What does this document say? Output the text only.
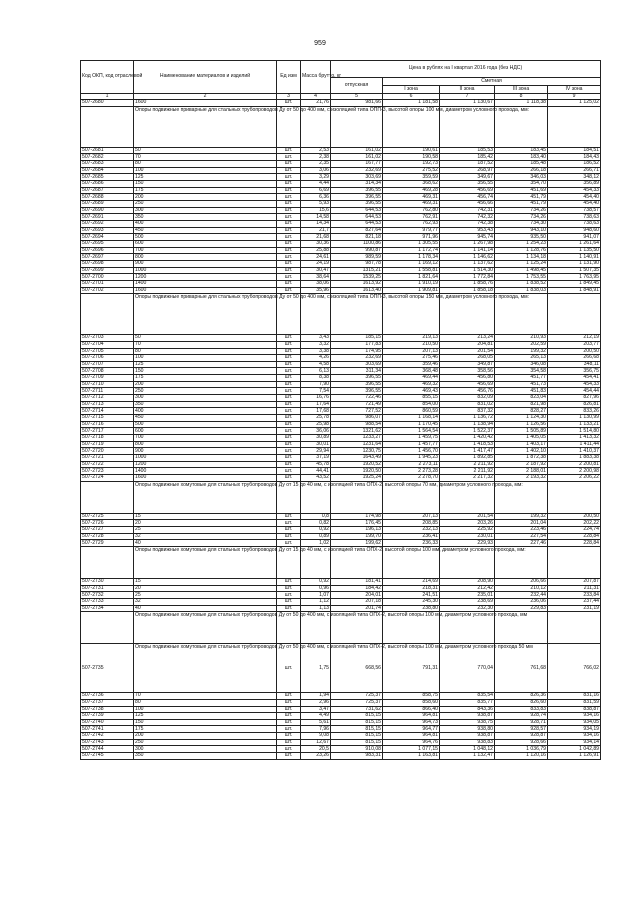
959
Код ОКП, код отраслевой	Наименование материалов и изделий	Ед изм	Масса брутто, кг	Цена в рублях на I квартал 2016 года (без НДС)				
				отпускная	Сметная			
					I зона	II зона	III зона	IV зона
1	2	3	4	5	6	7	8	9
507-2680	1600	шт.	21,76	981,66	1 181,58	1 130,67	1 118,38	1 125,02
	Опоры подвижные приварные для стальных трубопроводов Ду от 50 до 400 мм, с изоляцией типа ОПП-3, высотой опоры 100 мм, диаметром условного прохода, мм:							
507-2681	50	шт.	2,53	161,02	190,61	185,53	183,45	184,51
507-2682	70	шт.	2,38	161,02	190,58	185,42	183,40	184,43
507-2683	80	шт.	2,35	167,77	192,73	187,52	185,48	186,52
507-2684	100	шт.	3,06	232,69	275,52	268,97	266,18	266,71
507-2685	125	шт.	3,29	303,69	359,59	349,67	346,03	348,12
507-2686	150	шт.	4,44	314,34	368,62	356,55	354,70	356,89
507-2687	175	шт.	6,69	396,55	469,28	456,69	451,69	454,33
507-2688	200	шт.	6,36	396,55	469,31	456,74	451,79	454,40
507-2689	250	шт.	5,93	396,55	469,31	456,66	451,79	454,40
507-2690	300	шт.	15,6	644,53	762,80	742,31	734,26	738,57
507-2691	350	шт.	14,58	644,53	762,91	742,32	734,26	738,63
507-2692	400	шт.	14,34	644,53	762,93	742,38	734,30	738,63
507-2693	450	шт.	21,7	827,64	979,77	953,43	943,10	948,60
507-2694	500	шт.	21,68	821,18	971,96	945,74	935,50	941,07
507-2695	600	шт.	30,36	1100,86	1 305,55	1 267,98	1 254,23	1 261,64
507-2696	700	шт.	25,88	990,87	1 172,74	1 141,14	1 128,76	1 135,50
507-2697	800	шт.	24,61	989,59	1 178,34	1 146,62	1 134,18	1 140,91
507-2698	900	шт.	24,19	987,78	1 169,12	1 137,62	1 125,24	1 131,90
507-2699	1000	шт.	30,47	1315,21	1 558,81	1 514,30	1 498,45	1 507,35
507-2700	1200	шт.	38,64	1539,25	1 821,64	1 772,84	1 753,55	1 763,95
507-2701	1400	шт.	38,06	1613,92	1 910,19	1 858,76	1 838,52	1 849,45
507-2702	1600	шт.	35,96	1613,40	1 909,81	1 858,18	1 838,03	1 848,91
	Опоры подвижные приварные для стальных трубопроводов Ду от 50 до 400 мм, с изоляцией типа ОПП-3, высотой опоры 150 мм, диаметром условного прохода, мм:							
507-2703	50	шт.	3,43	185,15	219,13	213,24	210,93	212,19
507-2704	70	шт.	3,32	177,83	210,50	204,81	202,59	203,77
507-2705	80	шт.	3,38	174,95	207,13	201,54	199,32	200,50
507-2706	100	шт.	4,26	232,69	275,46	268,05	265,13	266,68
507-2707	125	шт.	4,58	303,69	359,46	349,87	346,08	348,11
507-2708	150	шт.	6,13	311,34	368,48	358,56	354,58	356,75
507-2709	175	шт.	8,38	396,55	469,44	456,80	451,77	454,41
507-2710	200	шт.	7,90	396,55	469,32	456,69	451,73	454,33
507-2711	250	шт.	7,54	396,55	469,43	456,76	451,83	454,44
507-2712	300	шт.	16,76	722,46	855,15	832,09	823,04	827,96
507-2713	350	шт.	17,64	721,49	854,00	831,02	821,98	826,81
507-2714	400	шт.	17,68	727,52	860,59	837,32	828,27	833,26
507-2715	450	шт.	25,78	986,07	1 168,14	1 136,72	1 124,30	1 130,99
507-2716	500	шт.	25,98	988,54	1 170,45	1 138,94	1 126,56	1 133,21
507-2717	600	шт.	36,06	1321,62	1 564,54	1 522,37	1 505,89	1 514,80
507-2718	700	шт.	30,89	1233,27	1 459,75	1 420,42	1 405,05	1 413,32
507-2719	800	шт.	30,01	1231,64	1 457,77	1 418,53	1 403,17	1 411,44
507-2720	900	шт.	29,94	1230,75	1 456,70	1 417,47	1 402,10	1 410,37
507-2721	1000	шт.	37,19	1643,49	1 945,23	1 892,85	1 872,38	1 883,38
507-2722	1200	шт.	45,78	1920,52	2 273,11	2 211,92	2 187,92	2 200,81
507-2723	1400	шт.	44,41	1920,50	2 273,28	2 211,92	2 188,01	2 200,98
507-2724	1600	шт.	43,52	1925,24	2 278,70	2 217,32	2 193,32	2 206,22
	Опоры подвижные хомутовые для стальных трубопроводов Ду от 15 до 40 мм, с изоляцией типа ОПХ-2, высотой опоры 70 мм, диаметром условного прохода, мм:							
507-2725	15	шт.	0,8	174,98	207,13	201,54	199,32	200,50
507-2726	20	шт.	0,82	176,45	208,85	203,26	201,04	202,22
507-2727	25	шт.	0,92	196,13	232,13	225,92	223,46	224,74
507-2728	32	шт.	0,89	199,70	236,41	230,01	227,54	228,84
507-2729	40	шт.	1,02	199,62	236,33	229,93	227,46	228,84
	Опоры подвижные хомутовые для стальных трубопроводов Ду от 15 до 40 мм, с изоляцией типа ОПХ-2, высотой опоры 100 мм, диаметром условного прохода, мм:							
507-2730	15	шт.	0,92	181,41	214,69	208,90	206,66	207,87
507-2731	20	шт.	0,96	184,42	218,31	212,42	210,12	211,31
507-2732	25	шт.	1,07	204,01	241,51	235,01	232,44	233,84
507-2733	32	шт.	1,12	207,18	245,30	238,69	236,06	237,44
507-2734	40	шт.	1,13	201,74	238,80	232,30	229,83	231,19
	Опоры подвижные хомутовые для стальных трубопроводов Ду от 50 до 400 мм, с изоляцией типа ОПХ-2, высотой опоры 100 мм, диаметром условного прохода, мм							
507-2735	Опоры подвижные хомутовые для стальных трубопроводов Ду от 50 до 400 мм, с изоляцией типа ОПХ-2, высотой опоры 100 мм, диаметром условного прохода 50 мм	шт.	1,75	668,56	791,31	770,04	761,68	766,02
507-2736	70	шт.	1,94	725,37	858,75	835,54	826,36	831,16
507-2737	80	шт.	2,96	725,37	858,60	835,77	826,60	831,59
507-2738	100	шт.	3,47	731,62	866,40	843,36	833,83	838,87
507-2739	125	шт.	4,49	815,15	964,81	938,87	928,74	934,16
507-2740	150	шт.	5,61	815,15	964,73	938,75	928,71	934,05
507-2741	175	шт.	7,96	815,15	964,77	938,80	928,57	934,19
507-2742	200	шт.	9,08	815,15	964,81	938,87	928,87	934,16
507-2743	250	шт.	12,67	815,15	964,76	938,83	928,66	934,14
507-2744	300	шт.	20,5	910,08	1 077,15	1 048,12	1 036,79	1 042,89
507-2745	350	шт.	23,26	983,31	1 163,81	1 132,47	1 120,16	1 126,91
